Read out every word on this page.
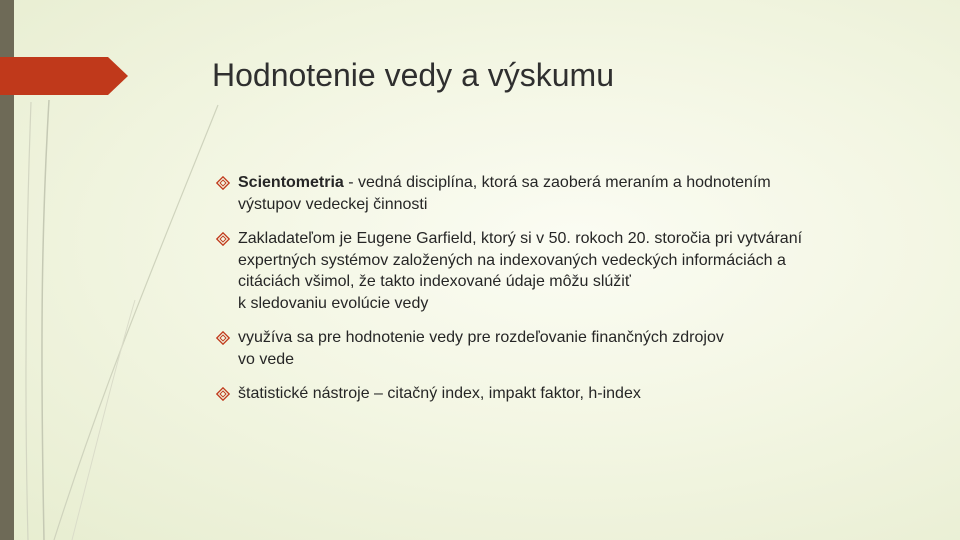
Hodnotenie vedy a výskumu
Scientometria - vedná disciplína, ktorá sa zaoberá meraním a hodnotením
výstupov vedeckej činnosti
Zakladateľom je Eugene Garfield, ktorý si v 50. rokoch 20. storočia pri vytváraní
expertných systémov založených na indexovaných vedeckých informáciách a
citáciách všimol, že takto indexované údaje môžu slúžiť
k sledovaniu evolúcie vedy
využíva sa pre hodnotenie vedy pre rozdeľovanie finančných zdrojov
vo vede
štatistické nástroje – citačný index, impakt faktor, h-index
